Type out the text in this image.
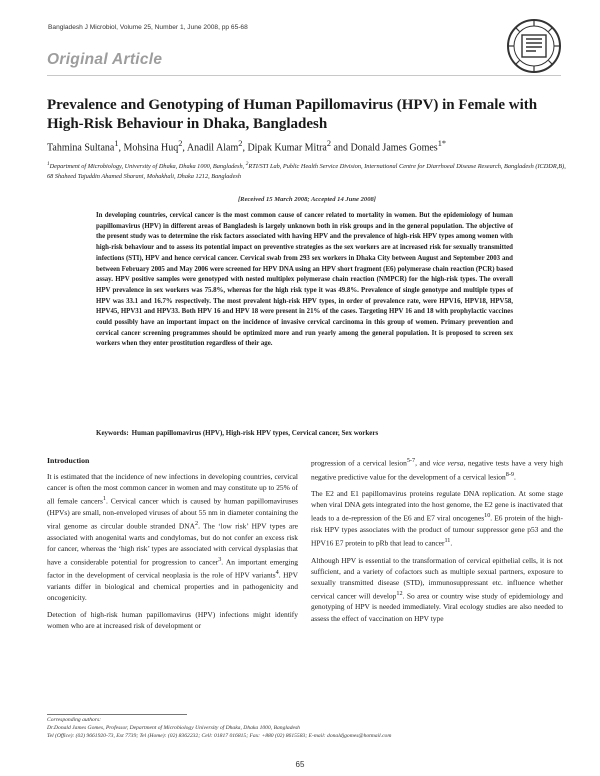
Bangladesh J Microbiol, Volume 25, Number 1, June 2008, pp 65-68
Original Article
Prevalence and Genotyping of Human Papillomavirus (HPV) in Female with High-Risk Behaviour in Dhaka, Bangladesh

Tahmina Sultana$^1$, Mohsina Huq$^2$, Anadil Alam$^2$, Dipak Kumar Mitra$^2$ and Donald James Gomes$^{1*}$

$^1$Department of Microbiology, University of Dhaka, Dhaka 1000, Bangladesh, $^2$RTI/STI Lab, Public Health Service Division, International Centre for Diarrhoeal Disease Research, Bangladesh (ICDDR,B), 68 Shaheed Tajuddin Ahamed Sharani, Mohakhali, Dhaka 1212, Bangladesh

[Received 15 March 2008; Accepted 14 June 2008]

In developing countries, cervical cancer is the most common cause of cancer related to mortality in women. But the epidemiology of human papillomavirus (HPV) in different areas of Bangladesh is largely unknown both in risk groups and in the general population. The objective of the present study was to determine the risk factors associated with having HPV and the prevalence of high-risk HPV types among women with high-risk behaviour and to assess its potential impact on preventive strategies as the sex workers are at increased risk for sexually transmitted infections (STI), HPV and hence cervical cancer. Cervical swab from 293 sex workers in Dhaka City between August and September 2003 and between February 2005 and May 2006 were screened for HPV DNA using an HPV short fragment (E6) polymerase chain reaction (PCR) based assay. HPV positive samples were genotyped with nested multiplex polymerase chain reaction (NMPCR) for the high-risk types. The overall HPV prevalence in sex workers was 75.8%, whereas for the high risk type it was 49.8%. Prevalence of single genotype and multiple types of HPV was 33.1 and 16.7% respectively. The most prevalent high-risk HPV types, in order of prevalence rate, were HPV16, HPV18, HPV58, HPV45, HPV31 and HPV33. Both HPV 16 and HPV 18 were present in 21% of the cases. Targeting HPV 16 and 18 with prophylactic vaccines could possibly have an important impact on the incidence of invasive cervical carcinoma in this group of women. Primary prevention and cervical cancer screening programmes should be optimized more and run yearly among the general population. It is proposed to screen sex workers when they enter prostitution regardless of their age.

Keywords: Human papillomavirus (HPV), High-risk HPV types, Cervical cancer, Sex workers

Introduction

It is estimated that the incidence of new infections in developing countries, cervical cancer is often the most common cancer in women and may constitute up to 25% of all female cancers$^1$. Cervical cancer which is caused by human papillomaviruses (HPVs) are small, non-enveloped viruses of about 55 nm in diameter containing the viral genome as circular double stranded DNA$^2$. The ‘low risk’ HPV types are associated with anogenital warts and condylomas, but do not confer an excess risk for cancer, whereas the ‘high risk’ types are associated with cervical dysplasias that have a considerable potential for progression to cancer$^3$. An important emerging factor in the development of cervical neoplasia is the role of HPV variants$^4$. HPV variants differ in biological and chemical properties and in pathogenicity and oncogenicity.

Detection of high-risk human papillomavirus (HPV) infections might identify women who are at increased risk of development or

progression of a cervical lesion$^{5-7}$, and vice versa, negative tests have a very high negative predictive value for the development of a cervical lesion$^{8-9}$.

The E2 and E1 papillomavirus proteins regulate DNA replication. At some stage when viral DNA gets integrated into the host genome, the E2 gene is inactivated that leads to a de-repression of the E6 and E7 viral oncogenes$^{10}$. E6 protein of the high-risk HPV types associates with the product of tumour suppressor gene p53 and the HPV16 E7 protein to pRb that lead to cancer$^{11}$.

Although HPV is essential to the transformation of cervical epithelial cells, it is not sufficient, and a variety of cofactors such as multiple sexual partners, exposure to sexually transmitted disease (STD), immunosuppressant etc. influence whether cervical cancer will develop$^{12}$. So area or country wise study of epidemiology and genotyping of HPV is needed immediately. Viral ecology studies are also needed to assess the effect of vaccination on HPV type

Corresponding authors:
Dr.Donald James Gomes, Professor, Department of Microbiology University of Dhaka, Dhaka 1000, Bangladesh
Tel (Office): (02) 9661920-73, Ext 7739; Tel (Home): (02) 8362232; Cell: 01817 016815; Fax: +880 (02) 8615583; E-mail: donaldjgomes@hotmail.com

65
